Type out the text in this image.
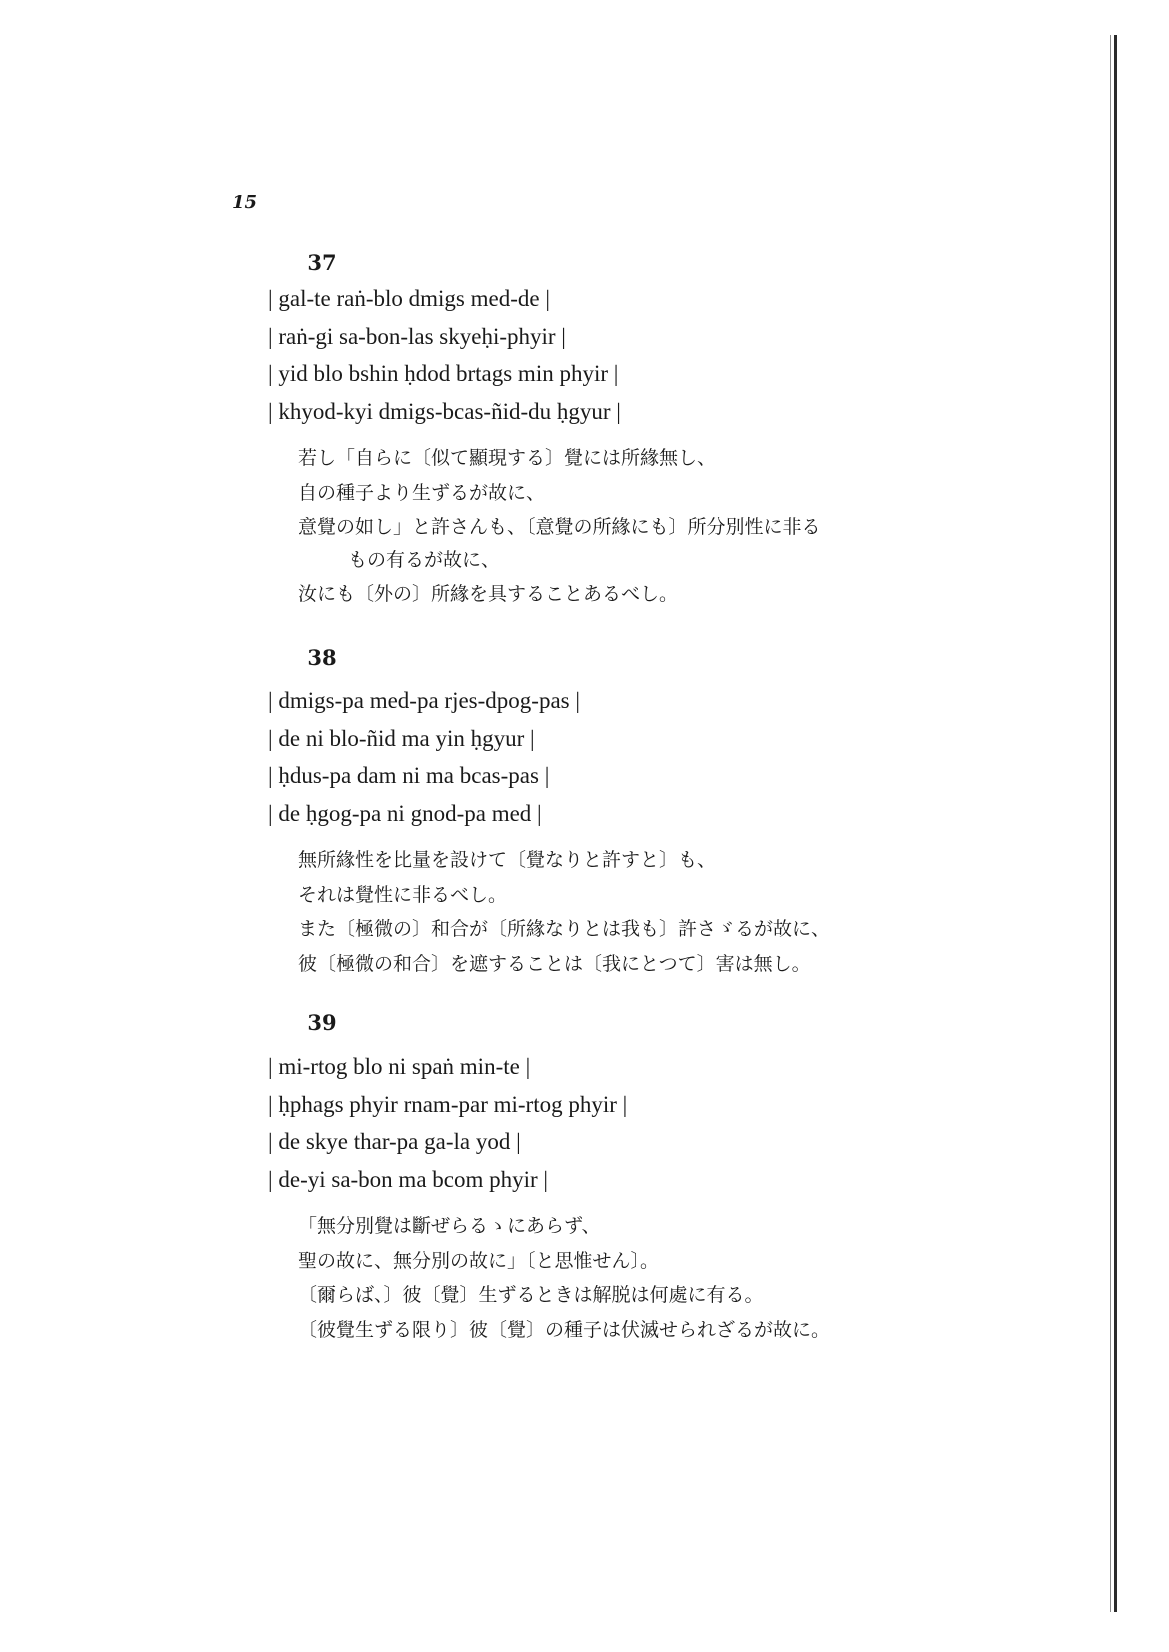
15
37
| gal-te raṅ-blo dmigs med-de |
| raṅ-gi sa-bon-las skyeḥi-phyir |
| yid blo bshin ḥdod brtags min phyir |
| khyod-kyi dmigs-bcas-ñid-du ḥgyur |
若し「自らに〔似て顯現する〕覺には所緣無し、
自の種子より生ずるが故に、
意覺の如し」と許さんも、〔意覺の所緣にも〕所分別性に非る
もの有るが故に、
汝にも〔外の〕所緣を具することあるべし。
38
| dmigs-pa med-pa rjes-dpog-pas |
| de ni blo-ñid ma yin ḥgyur |
| ḥdus-pa dam ni ma bcas-pas |
| de ḥgog-pa ni gnod-pa med |
無所緣性を比量を設けて〔覺なりと許すと〕も、
それは覺性に非るべし。
また〔極微の〕和合が〔所緣なりとは我も〕許さゞるが故に、
彼〔極微の和合〕を遮することは〔我にとつて〕害は無し。
39
| mi-rtog blo ni spaṅ min-te |
| ḥphags phyir rnam-par mi-rtog phyir |
| de skye thar-pa ga-la yod |
| de-yi sa-bon ma bcom phyir |
「無分別覺は斷ぜらるゝにあらず、
聖の故に、無分別の故に」〔と思惟せん〕。
〔爾らば、〕彼〔覺〕生ずるときは解脱は何處に有る。
〔彼覺生ずる限り〕彼〔覺〕の種子は伏滅せられざるが故に。
